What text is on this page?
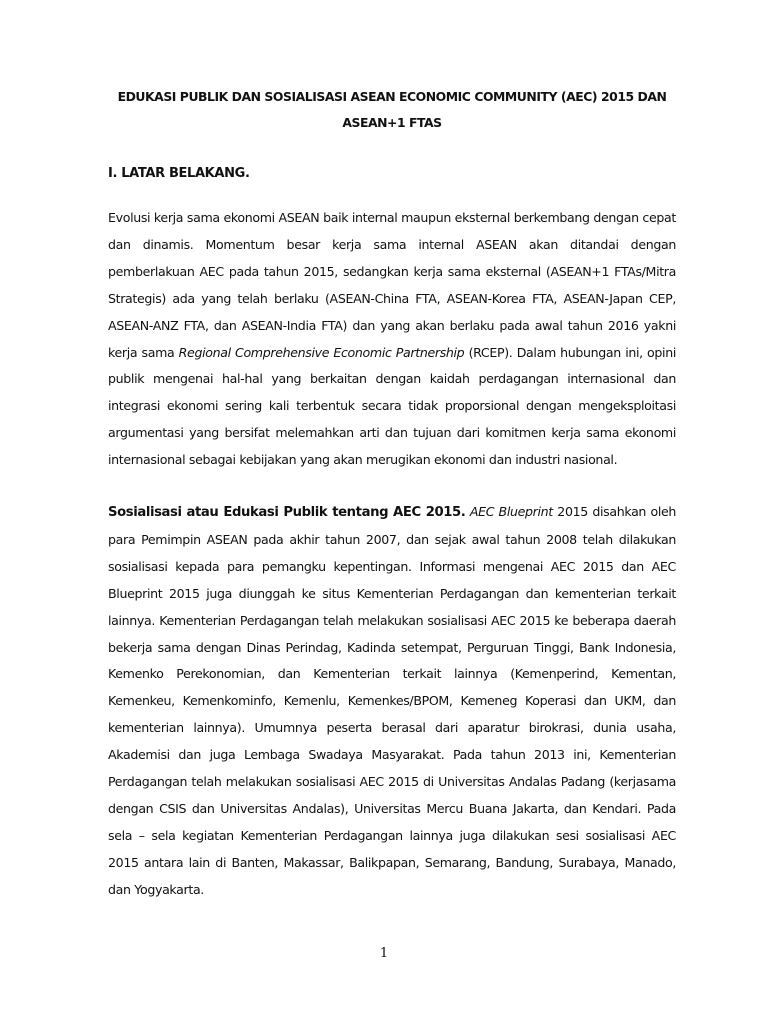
EDUKASI PUBLIK DAN SOSIALISASI ASEAN ECONOMIC COMMUNITY (AEC) 2015 DAN
ASEAN+1 FTAS
I. LATAR BELAKANG.

Evolusi kerja sama ekonomi ASEAN baik internal maupun eksternal berkembang dengan cepat dan dinamis. Momentum besar kerja sama internal ASEAN akan ditandai dengan pemberlakuan AEC pada tahun 2015, sedangkan kerja sama eksternal (ASEAN+1 FTAs/Mitra Strategis) ada yang telah berlaku (ASEAN-China FTA, ASEAN-Korea FTA, ASEAN-Japan CEP, ASEAN-ANZ FTA, dan ASEAN-India FTA) dan yang akan berlaku pada awal tahun 2016 yakni kerja sama Regional Comprehensive Economic Partnership (RCEP). Dalam hubungan ini, opini publik mengenai hal-hal yang berkaitan dengan kaidah perdagangan internasional dan integrasi ekonomi sering kali terbentuk secara tidak proporsional dengan mengeksploitasi argumentasi yang bersifat melemahkan arti dan tujuan dari komitmen kerja sama ekonomi internasional sebagai kebijakan yang akan merugikan ekonomi dan industri nasional.

Sosialisasi atau Edukasi Publik tentang AEC 2015. AEC Blueprint 2015 disahkan oleh para Pemimpin ASEAN pada akhir tahun 2007, dan sejak awal tahun 2008 telah dilakukan sosialisasi kepada para pemangku kepentingan. Informasi mengenai AEC 2015 dan AEC Blueprint 2015 juga diunggah ke situs Kementerian Perdagangan dan kementerian terkait lainnya. Kementerian Perdagangan telah melakukan sosialisasi AEC 2015 ke beberapa daerah bekerja sama dengan Dinas Perindag, Kadinda setempat, Perguruan Tinggi, Bank Indonesia, Kemenko Perekonomian, dan Kementerian terkait lainnya (Kemenperind, Kementan, Kemenkeu, Kemenkominfo, Kemenlu, Kemenkes/BPOM, Kemeneg Koperasi dan UKM, dan kementerian lainnya). Umumnya peserta berasal dari aparatur birokrasi, dunia usaha, Akademisi dan juga Lembaga Swadaya Masyarakat. Pada tahun 2013 ini, Kementerian Perdagangan telah melakukan sosialisasi AEC 2015 di Universitas Andalas Padang (kerjasama dengan CSIS dan Universitas Andalas), Universitas Mercu Buana Jakarta, dan Kendari. Pada sela – sela kegiatan Kementerian Perdagangan lainnya juga dilakukan sesi sosialisasi AEC 2015 antara lain di Banten, Makassar, Balikpapan, Semarang, Bandung, Surabaya, Manado, dan Yogyakarta.

1
